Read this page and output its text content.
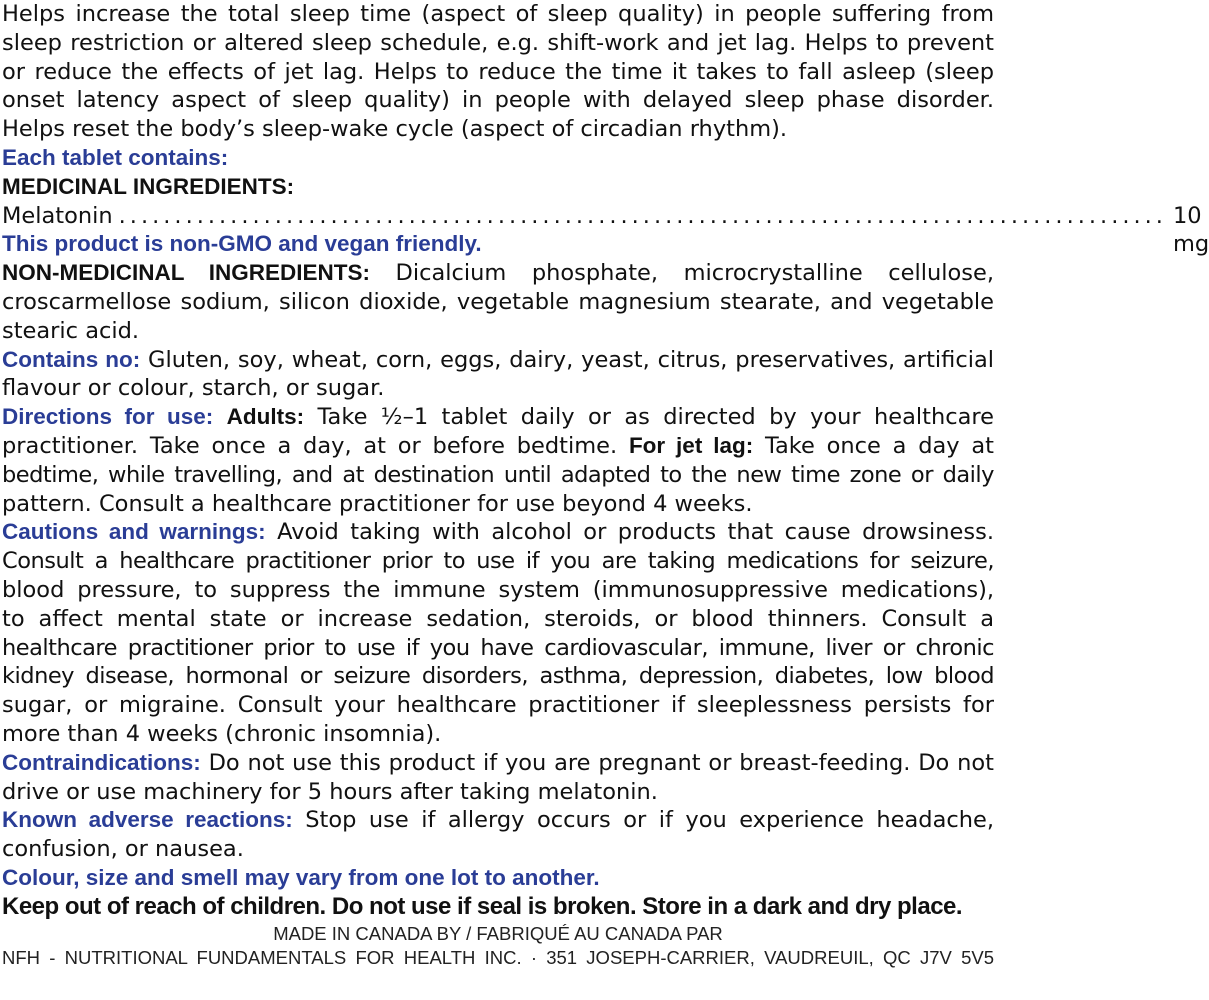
Helps increase the total sleep time (aspect of sleep quality) in people suffering from
sleep restriction or altered sleep schedule, e.g. shift-work and jet lag. Helps to prevent
or reduce the effects of jet lag. Helps to reduce the time it takes to fall asleep (sleep
onset latency aspect of sleep quality) in people with delayed sleep phase disorder.
Helps reset the body’s sleep-wake cycle (aspect of circadian rhythm).
Each tablet contains:
MEDICINAL INGREDIENTS:
Melatonin .............................................................................................. 10 mg
This product is non-GMO and vegan friendly.
NON-MEDICINAL INGREDIENTS: Dicalcium phosphate, microcrystalline cellulose,
croscarmellose sodium, silicon dioxide, vegetable magnesium stearate, and vegetable
stearic acid.
Contains no: Gluten, soy, wheat, corn, eggs, dairy, yeast, citrus, preservatives, artificial
flavour or colour, starch, or sugar.
Directions for use: Adults: Take ½–1 tablet daily or as directed by your healthcare
practitioner. Take once a day, at or before bedtime. For jet lag: Take once a day at
bedtime, while travelling, and at destination until adapted to the new time zone or daily
pattern. Consult a healthcare practitioner for use beyond 4 weeks.
Cautions and warnings: Avoid taking with alcohol or products that cause drowsiness.
Consult a healthcare practitioner prior to use if you are taking medications for seizure,
blood pressure, to suppress the immune system (immunosuppressive medications),
to affect mental state or increase sedation, steroids, or blood thinners. Consult a
healthcare practitioner prior to use if you have cardiovascular, immune, liver or chronic
kidney disease, hormonal or seizure disorders, asthma, depression, diabetes, low blood
sugar, or migraine. Consult your healthcare practitioner if sleeplessness persists for
more than 4 weeks (chronic insomnia).
Contraindications: Do not use this product if you are pregnant or breast-feeding. Do not
drive or use machinery for 5 hours after taking melatonin.
Known adverse reactions: Stop use if allergy occurs or if you experience headache,
confusion, or nausea.
Colour, size and smell may vary from one lot to another.
Keep out of reach of children. Do not use if seal is broken. Store in a dark and dry place.
MADE IN CANADA BY / FABRIQUÉ AU CANADA PAR
NFH - NUTRITIONAL FUNDAMENTALS FOR HEALTH INC. · 351 JOSEPH-CARRIER, VAUDREUIL, QC J7V 5V5
